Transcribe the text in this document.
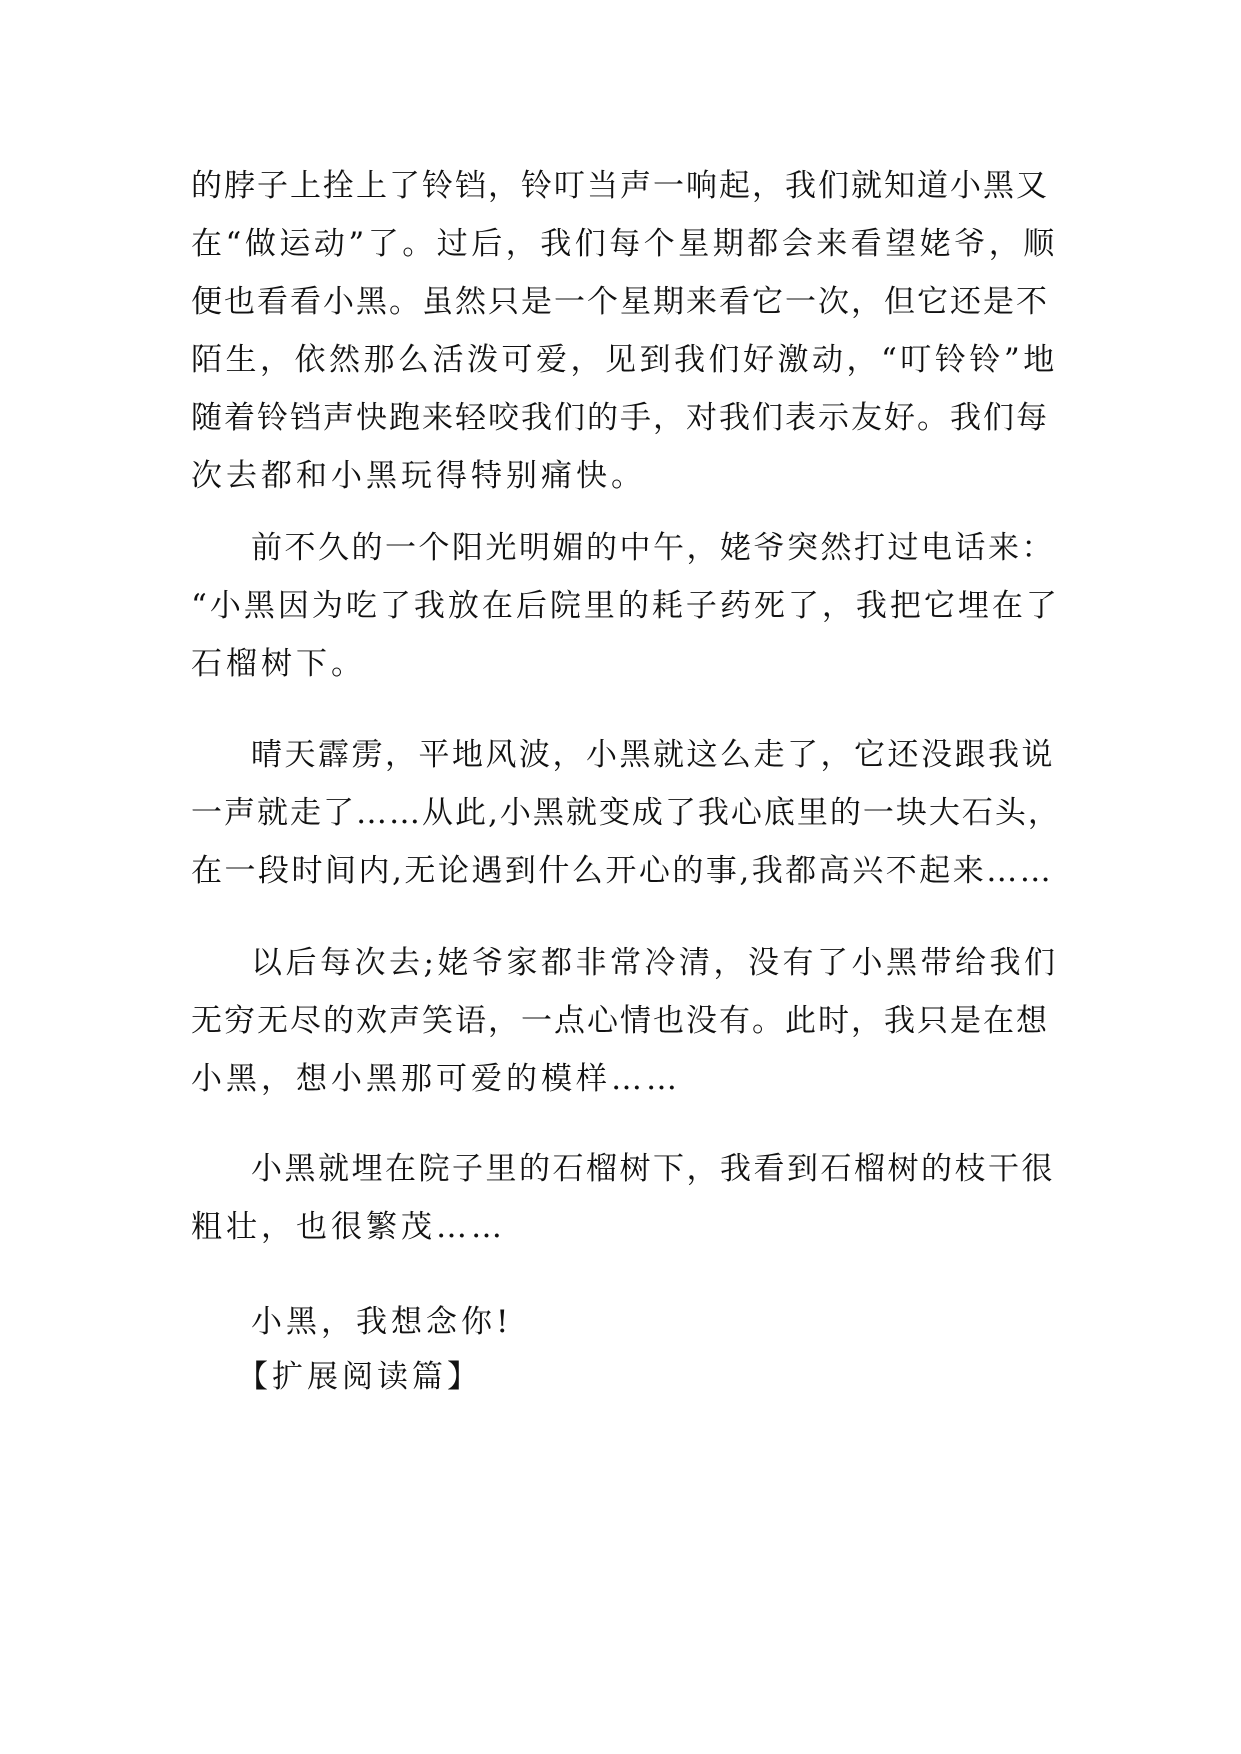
的脖子上拴上了铃铛，铃叮当声一响起，我们就知道小黑又
在“做运动”了。过后，我们每个星期都会来看望姥爷，顺
便也看看小黑。虽然只是一个星期来看它一次，但它还是不
陌生，依然那么活泼可爱，见到我们好激动，“叮铃铃”地
随着铃铛声快跑来轻咬我们的手，对我们表示友好。我们每
次去都和小黑玩得特别痛快。

前不久的一个阳光明媚的中午，姥爷突然打过电话来：
“小黑因为吃了我放在后院里的耗子药死了，我把它埋在了
石榴树下。

晴天霹雳，平地风波，小黑就这么走了，它还没跟我说
一声就走了……从此,小黑就变成了我心底里的一块大石头，
在一段时间内,无论遇到什么开心的事,我都高兴不起来……

以后每次去;姥爷家都非常冷清，没有了小黑带给我们
无穷无尽的欢声笑语，一点心情也没有。此时，我只是在想
小黑，想小黑那可爱的模样……

小黑就埋在院子里的石榴树下，我看到石榴树的枝干很
粗壮，也很繁茂……

小黑，我想念你!

【扩展阅读篇】
